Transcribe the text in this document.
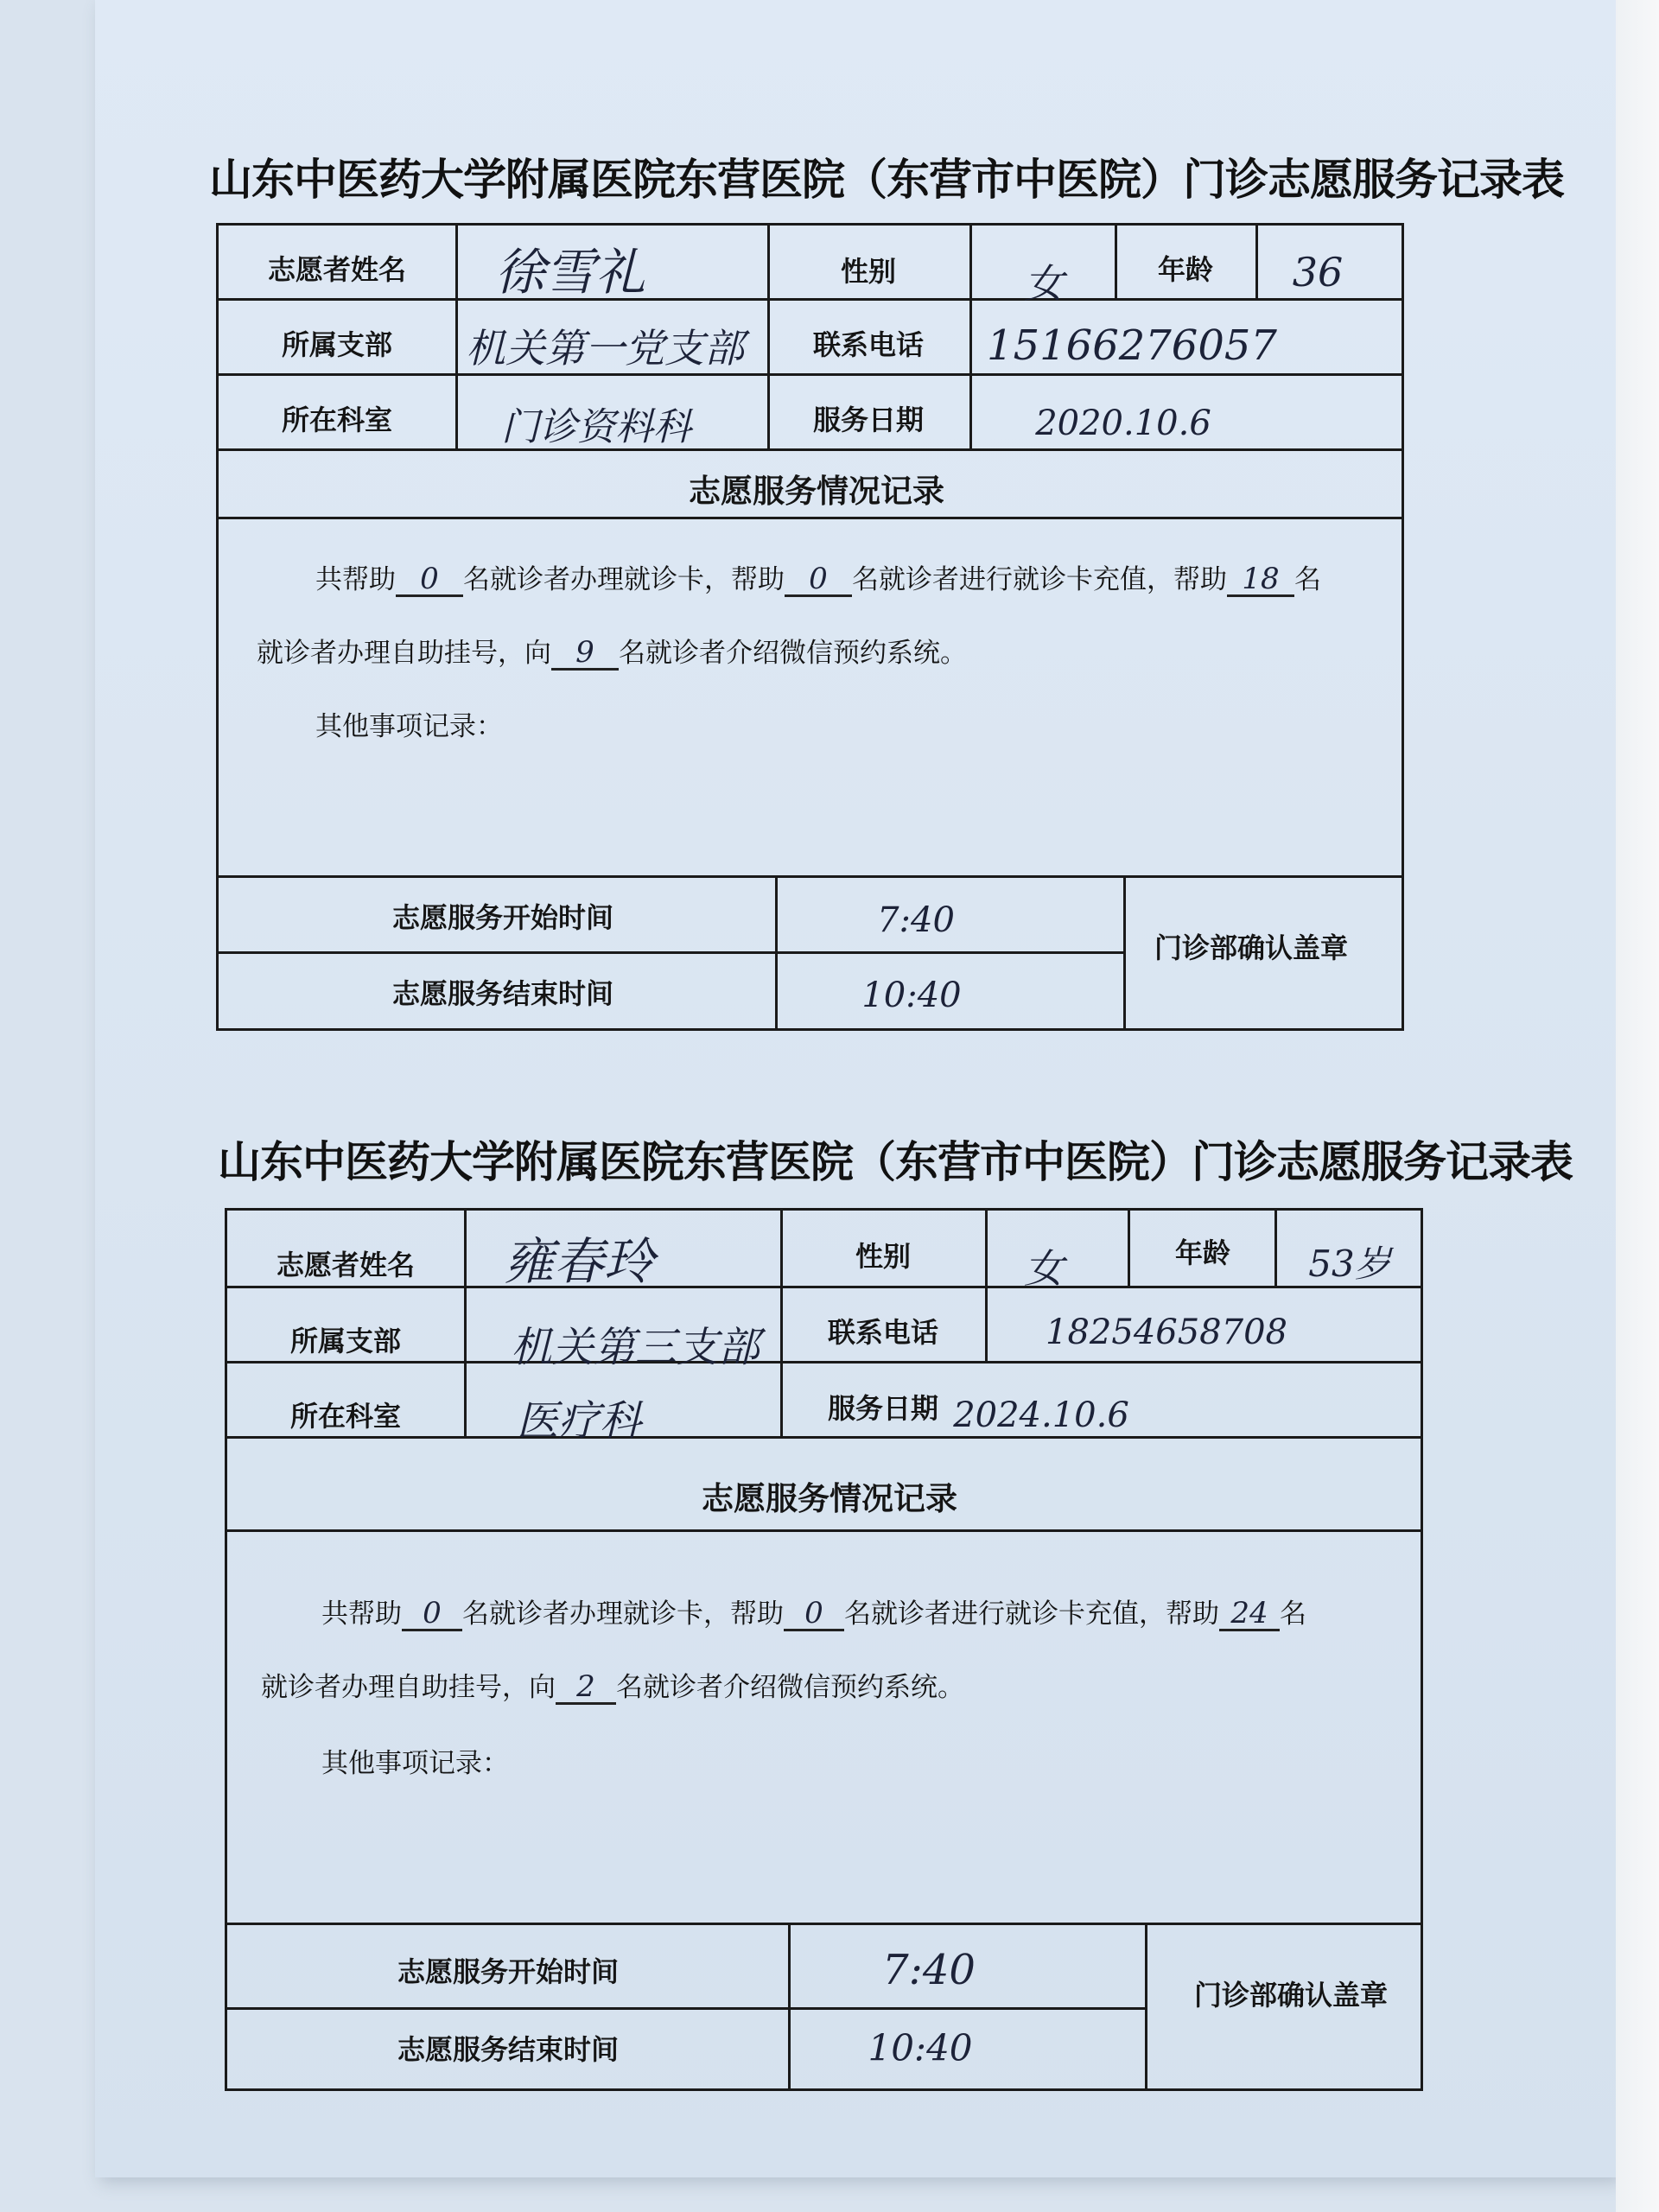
山东中医药大学附属医院东营医院（东营市中医院）门诊志愿服务记录表
志愿者姓名 徐雪礼	性别	女	年龄 36
所属支部 机关第一党支部 联系电话 15166276057
所在科室	门诊资料科	服务日期	2020.10.6
志愿服务情况记录
共帮助 0 名就诊者办理就诊卡，帮助 0 名就诊者进行就诊卡充值，帮助 18 名
就诊者办理自助挂号，向 9 名就诊者介绍微信预约系统。
其他事项记录：
志愿服务开始时间	7:40
志愿服务结束时间	10:40
门诊部确认盖章
山东中医药大学附属医院东营医院（东营市中医院）门诊志愿服务记录表
志愿者姓名 雍春玲	性别	女	年龄 53岁
所属支部	机关第三支部 联系电话	18254658708
所在科室	医疗科	服务日期 2024.10.6
志愿服务情况记录
共帮助 0 名就诊者办理就诊卡，帮助 0 名就诊者进行就诊卡充值，帮助 24 名
就诊者办理自助挂号，向 2 名就诊者介绍微信预约系统。
其他事项记录：
志愿服务开始时间	7:40
志愿服务结束时间	10:40
门诊部确认盖章
